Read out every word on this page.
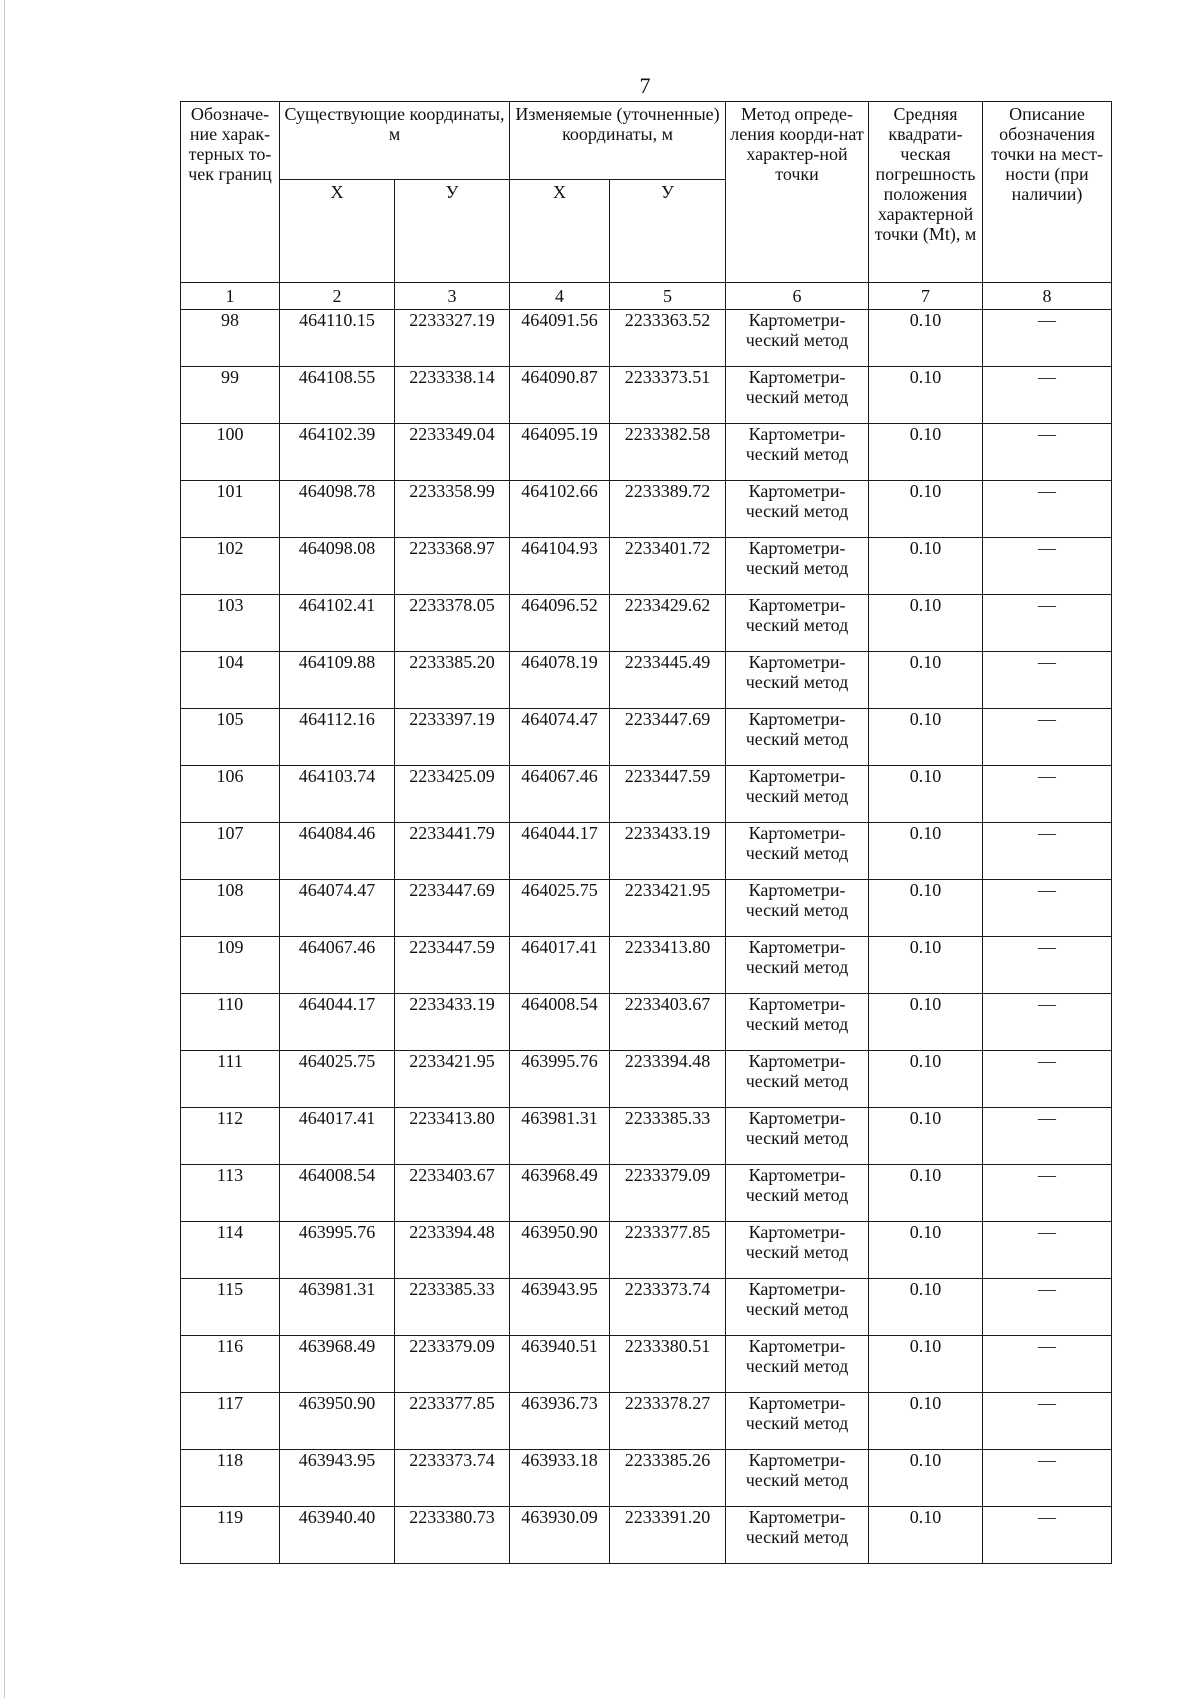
7
Обозначе-ние харак-терных то-чек границ	Существующие координаты, м		Изменяемые (уточненные) координаты, м		Метод опреде-ления коорди-нат характер-ной точки	Средняя квадрати-ческая погрешность положения характерной точки (Mt), м	Описание обозначения точки на мест-ности (при наличии)
	Х	У	Х	У			
1	2	3	4	5	6	7	8
98	464110.15	2233327.19	464091.56	2233363.52	Картометри-ческий метод	0.10	—
99	464108.55	2233338.14	464090.87	2233373.51	Картометри-ческий метод	0.10	—
100	464102.39	2233349.04	464095.19	2233382.58	Картометри-ческий метод	0.10	—
101	464098.78	2233358.99	464102.66	2233389.72	Картометри-ческий метод	0.10	—
102	464098.08	2233368.97	464104.93	2233401.72	Картометри-ческий метод	0.10	—
103	464102.41	2233378.05	464096.52	2233429.62	Картометри-ческий метод	0.10	—
104	464109.88	2233385.20	464078.19	2233445.49	Картометри-ческий метод	0.10	—
105	464112.16	2233397.19	464074.47	2233447.69	Картометри-ческий метод	0.10	—
106	464103.74	2233425.09	464067.46	2233447.59	Картометри-ческий метод	0.10	—
107	464084.46	2233441.79	464044.17	2233433.19	Картометри-ческий метод	0.10	—
108	464074.47	2233447.69	464025.75	2233421.95	Картометри-ческий метод	0.10	—
109	464067.46	2233447.59	464017.41	2233413.80	Картометри-ческий метод	0.10	—
110	464044.17	2233433.19	464008.54	2233403.67	Картометри-ческий метод	0.10	—
111	464025.75	2233421.95	463995.76	2233394.48	Картометри-ческий метод	0.10	—
112	464017.41	2233413.80	463981.31	2233385.33	Картометри-ческий метод	0.10	—
113	464008.54	2233403.67	463968.49	2233379.09	Картометри-ческий метод	0.10	—
114	463995.76	2233394.48	463950.90	2233377.85	Картометри-ческий метод	0.10	—
115	463981.31	2233385.33	463943.95	2233373.74	Картометри-ческий метод	0.10	—
116	463968.49	2233379.09	463940.51	2233380.51	Картометри-ческий метод	0.10	—
117	463950.90	2233377.85	463936.73	2233378.27	Картометри-ческий метод	0.10	—
118	463943.95	2233373.74	463933.18	2233385.26	Картометри-ческий метод	0.10	—
119	463940.40	2233380.73	463930.09	2233391.20	Картометри-ческий метод	0.10	—
